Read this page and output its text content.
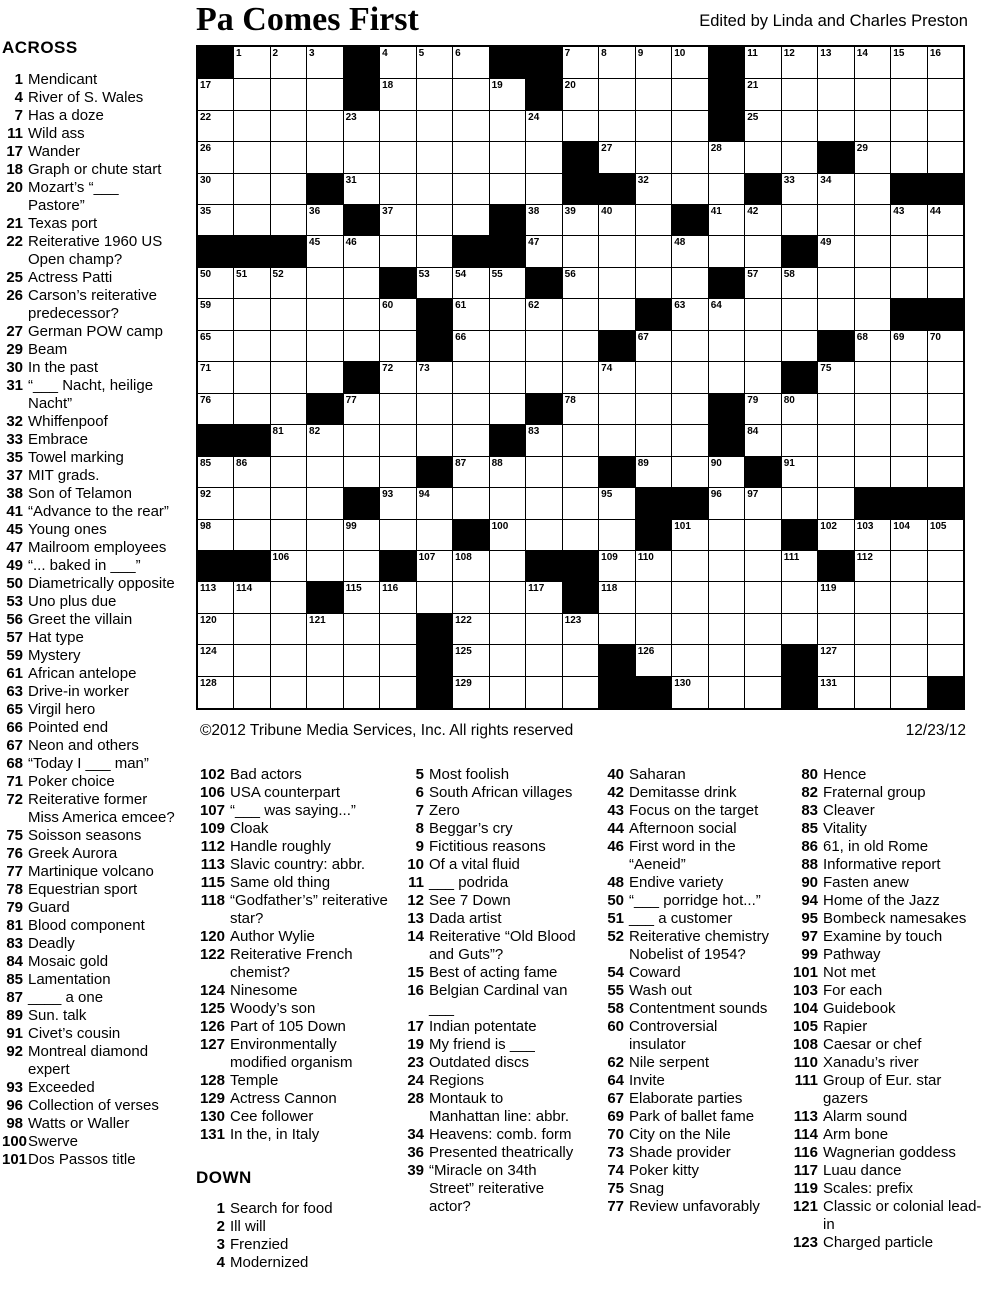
Pa Comes First	Edited by Linda and Charles Preston
ACROSS
1 Mendicant
4 River of S. Wales
7 Has a doze
11 Wild ass
17 Wander
18 Graph or chute start
20 Mozart’s “___ Pastore”
21 Texas port
22 Reiterative 1960 US Open champ?
25 Actress Patti
26 Carson’s reiterative predecessor?
27 German POW camp
29 Beam
30 In the past
31 “___ Nacht, heilige Nacht”
32 Whiffenpoof
33 Embrace
35 Towel marking
37 MIT grads.
38 Son of Telamon
41 “Advance to the rear”
45 Young ones
47 Mailroom employees
49 “... baked in ___”
50 Diametrically opposite
53 Uno plus due
56 Greet the villain
57 Hat type
59 Mystery
61 African antelope
63 Drive-in worker
65 Virgil hero
66 Pointed end
67 Neon and others
68 “Today I ___ man”
71 Poker choice
72 Reiterative former Miss America emcee?
75 Soisson seasons
76 Greek Aurora
77 Martinique volcano
78 Equestrian sport
79 Guard
81 Blood component
83 Deadly
84 Mosaic gold
85 Lamentation
87 ____ a one
89 Sun. talk
91 Civet’s cousin
92 Montreal diamond expert
93 Exceeded
96 Collection of verses
98 Watts or Waller
100 Swerve
101 Dos Passos title

	1	2	3		4	5	6			7	8	9	10		11	12	13	14	15	16

17					18			19		20					21					

22				23					24						25					

26											27			28				29		

30				31								32				33	34			

35			36		37				38	39	40			41	42				43	44

			45	46					47				48				49			

50	51	52				53	54	55		56					57	58				

59					60		61		62				63	64						

65							66					67						68	69	70

71					72	73					74						75			

76				77						78					79	80				

		81	82						83						84					

85	86						87	88				89		90		91				

92					93	94					95			96	97					

98				99				100					101				102	103	104	105

		106				107	108				109	110				111		112		

113	114			115	116				117		118						119			

120			121				122			123										

124							125					126					127			

128							129						130				131			

©2012 Tribune Media Services, Inc. All rights reserved	12/23/12
102 Bad actors
106 USA counterpart
107 “___ was saying...”
109 Cloak
112 Handle roughly
113 Slavic country: abbr.
115 Same old thing
118 “Godfather’s” reiterative star?
120 Author Wylie
122 Reiterative French chemist?
124 Ninesome
125 Woody’s son
126 Part of 105 Down
127 Environmentally modified organism
128 Temple
129 Actress Cannon
130 Cee follower
131 In the, in Italy
DOWN
1 Search for food
2 Ill will
3 Frenzied
4 Modernized
5 Most foolish
6 South African villages
7 Zero
8 Beggar’s cry
9 Fictitious reasons
10 Of a vital fluid
11 ___ podrida
12 See 7 Down
13 Dada artist
14 Reiterative “Old Blood and Guts”?
15 Best of acting fame
16 Belgian Cardinal van ___
17 Indian potentate
19 My friend is ___
23 Outdated discs
24 Regions
28 Montauk to Manhattan line: abbr.
34 Heavens: comb. form
36 Presented theatrically
39 “Miracle on 34th Street” reiterative actor?
40 Saharan
42 Demitasse drink
43 Focus on the target
44 Afternoon social
46 First word in the “Aeneid”
48 Endive variety
50 “___ porridge hot...”
51 ___ a customer
52 Reiterative chemistry Nobelist of 1954?
54 Coward
55 Wash out
58 Contentment sounds
60 Controversial insulator
62 Nile serpent
64 Invite
67 Elaborate parties
69 Park of ballet fame
70 City on the Nile
73 Shade provider
74 Poker kitty
75 Snag
77 Review unfavorably
80 Hence
82 Fraternal group
83 Cleaver
85 Vitality
86 61, in old Rome
88 Informative report
90 Fasten anew
94 Home of the Jazz
95 Bombeck namesakes
97 Examine by touch
99 Pathway
101 Not met
103 For each
104 Guidebook
105 Rapier
108 Caesar or chef
110 Xanadu’s river
111 Group of Eur. star gazers
113 Alarm sound
114 Arm bone
116 Wagnerian goddess
117 Luau dance
119 Scales: prefix
121 Classic or colonial lead-in
123 Charged particle
